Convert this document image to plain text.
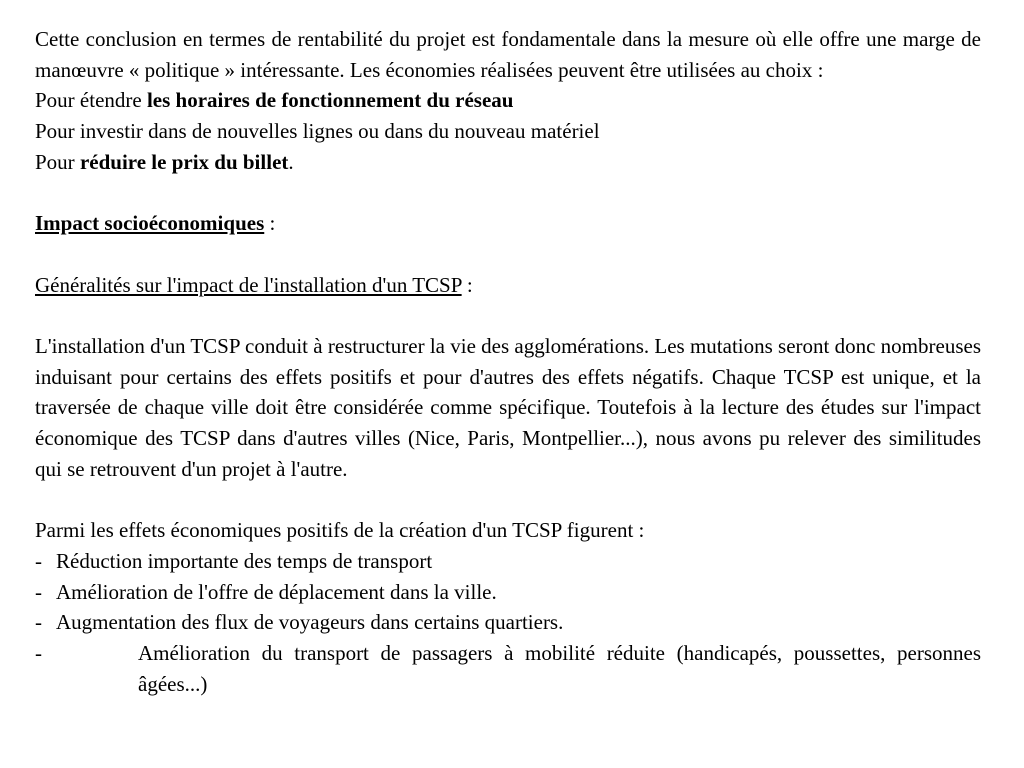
Cette conclusion en termes de rentabilité du projet est fondamentale dans la mesure où elle offre une marge de manœuvre « politique » intéressante. Les économies réalisées peuvent être utilisées au choix :

Pour étendre les horaires de fonctionnement du réseau

Pour investir dans de nouvelles lignes ou dans du nouveau matériel

Pour réduire le prix du billet.

Impact socioéconomiques :

Généralités sur l'impact de l'installation d'un TCSP :

L'installation d'un TCSP conduit à restructurer la vie des agglomérations. Les mutations seront donc nombreuses induisant pour certains des effets positifs et pour d'autres des effets négatifs. Chaque TCSP est unique, et la traversée de chaque ville doit être considérée comme spécifique. Toutefois à la lecture des études sur l'impact économique des TCSP dans d'autres villes (Nice, Paris, Montpellier...), nous avons pu relever des similitudes qui se retrouvent d'un projet à l'autre.

Parmi les effets économiques positifs de la création d'un TCSP figurent :

- Réduction importante des temps de transport
- Amélioration de l'offre de déplacement dans la ville.
- Augmentation des flux de voyageurs dans certains quartiers.
-	Amélioration du transport de passagers à mobilité réduite (handicapés, poussettes, personnes âgées...)
